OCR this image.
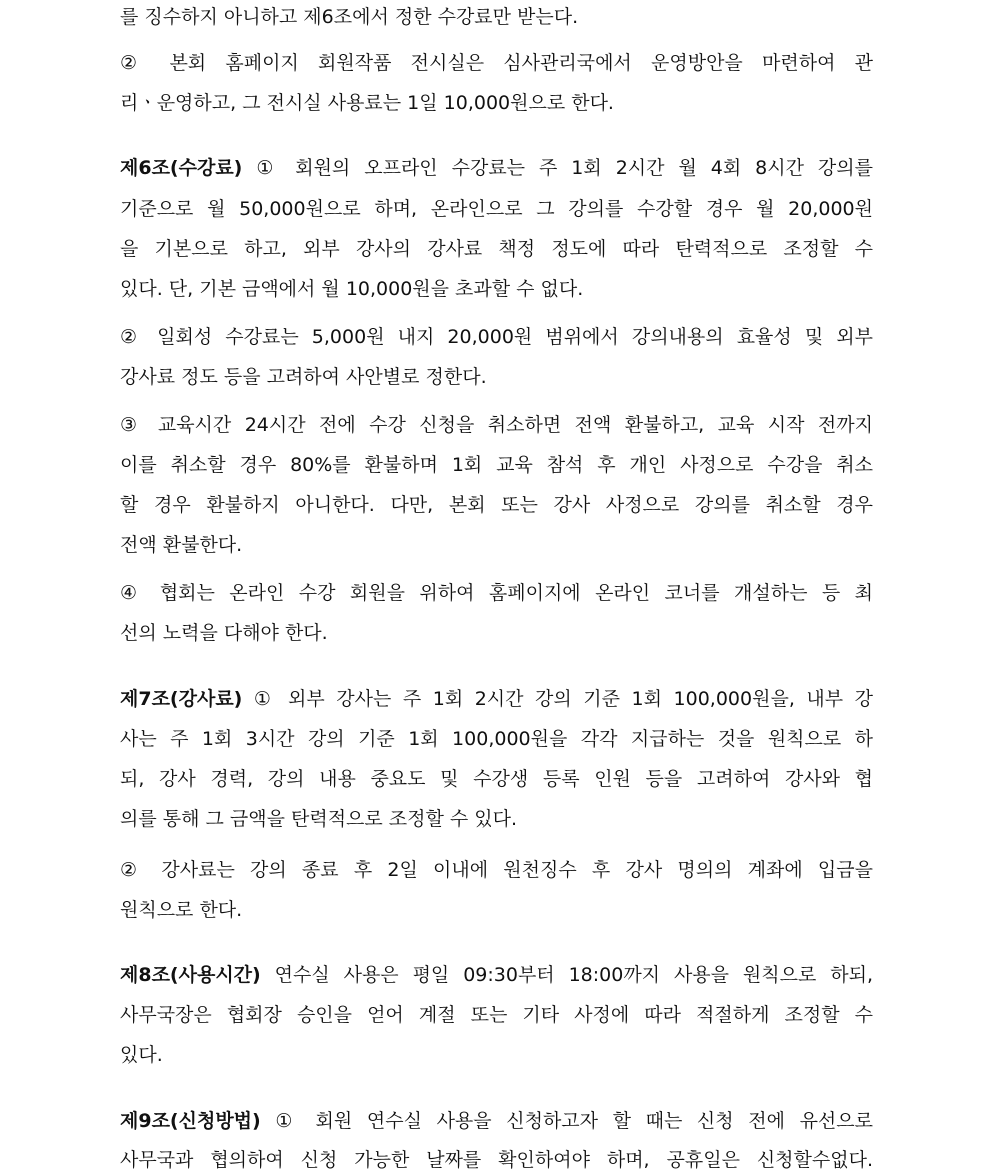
를 징수하지 아니하고 제6조에서 정한 수강료만 받는다.
② 본회 홈페이지 회원작품 전시실은 심사관리국에서 운영방안을 마련하여 관
리ㆍ운영하고, 그 전시실 사용료는 1일 10,000원으로 한다.
제6조(수강료) ① 회원의 오프라인 수강료는 주 1회 2시간 월 4회 8시간 강의를
기준으로 월 50,000원으로 하며, 온라인으로 그 강의를 수강할 경우 월 20,000원
을 기본으로 하고, 외부 강사의 강사료 책정 정도에 따라 탄력적으로 조정할 수
있다. 단, 기본 금액에서 월 10,000원을 초과할 수 없다.
② 일회성 수강료는 5,000원 내지 20,000원 범위에서 강의내용의 효율성 및 외부
강사료 정도 등을 고려하여 사안별로 정한다.
③ 교육시간 24시간 전에 수강 신청을 취소하면 전액 환불하고, 교육 시작 전까지
이를 취소할 경우 80%를 환불하며 1회 교육 참석 후 개인 사정으로 수강을 취소
할 경우 환불하지 아니한다. 다만, 본회 또는 강사 사정으로 강의를 취소할 경우
전액 환불한다.
④ 협회는 온라인 수강 회원을 위하여 홈페이지에 온라인 코너를 개설하는 등 최
선의 노력을 다해야 한다.
제7조(강사료) ① 외부 강사는 주 1회 2시간 강의 기준 1회 100,000원을, 내부 강
사는 주 1회 3시간 강의 기준 1회 100,000원을 각각 지급하는 것을 원칙으로 하
되, 강사 경력, 강의 내용 중요도 및 수강생 등록 인원 등을 고려하여 강사와 협
의를 통해 그 금액을 탄력적으로 조정할 수 있다.
② 강사료는 강의 종료 후 2일 이내에 원천징수 후 강사 명의의 계좌에 입금을
원칙으로 한다.
제8조(사용시간) 연수실 사용은 평일 09:30부터 18:00까지 사용을 원칙으로 하되,
사무국장은 협회장 승인을 얻어 계절 또는 기타 사정에 따라 적절하게 조정할 수
있다.
제9조(신청방법) ① 회원 연수실 사용을 신청하고자 할 때는 신청 전에 유선으로
사무국과 협의하여 신청 가능한 날짜를 확인하여야 하며, 공휴일은 신청할수없다.
